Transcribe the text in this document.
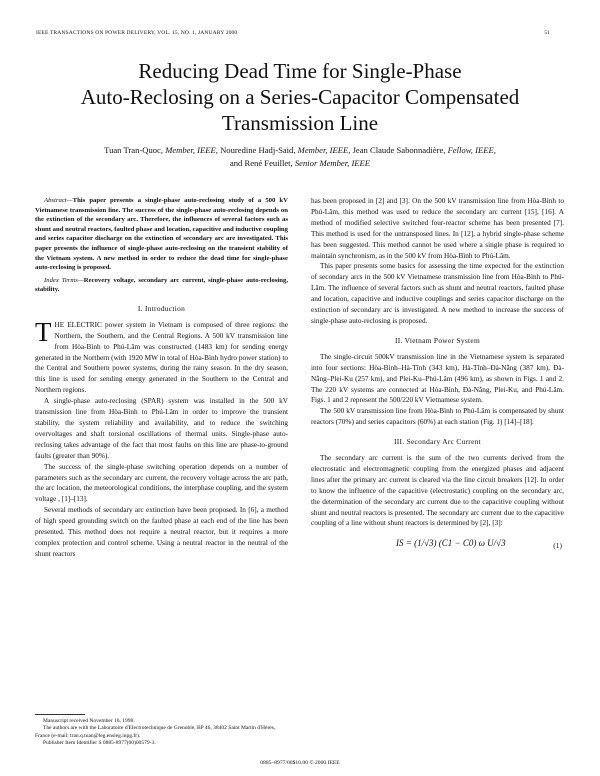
IEEE TRANSACTIONS ON POWER DELIVERY, VOL. 15, NO. 1, JANUARY 2000	51
Reducing Dead Time for Single-Phase
Auto-Reclosing on a Series-Capacitor Compensated
Transmission Line
Tuan Tran-Quoc, Member, IEEE, Nouredine Hadj-Said, Member, IEEE, Jean Claude Sabonnadière, Fellow, IEEE,
and René Feuillet, Senior Member, IEEE

Abstract—This paper presents a single-phase auto-reclosing study of a 500 kV Vietnamese transmission line. The success of the single-phase auto-reclosing depends on the extinction of the secondary arc. Therefore, the influences of several factors such as shunt and neutral reactors, faulted phase and location, capacitive and inductive coupling and series capacitor discharge on the extinction of secondary arc are investigated. This paper presents the influence of single-phase auto-reclosing on the transient stability of the Vietnam system. A new method in order to reduce the dead time for single-phase auto-reclosing is proposed.

Index Terms—Recovery voltage, secondary arc current, single-phase auto-reclosing, stability.

I. Introduction

THE ELECTRIC power system in Vietnam is composed of three regions: the Northern, the Southern, and the Central Regions. A 500 kV transmission line from Hòa-Bình to Phú-Lâm was constructed (1483 km) for sending energy generated in the Northern (with 1920 MW in total of Hòa-Bình hydro power station) to the Central and Southern power systems, during the rainy season. In the dry season, this line is used for sending energy generated in the Southern to the Central and Northern regions.

A single-phase auto-reclosing (SPAR) system was installed in the 500 kV transmission line from Hòa-Bình to Phú-Lâm in order to improve the transient stability, the system reliability and availability, and to reduce the switching overvoltages and shaft torsional oscillations of thermal units. Single-phase auto-reclosing takes advantage of the fact that most faults on this line are phase-to-ground faults (greater than 90%).

The success of the single-phase switching operation depends on a number of parameters such as the secondary arc current, the recovery voltage across the arc path, the arc location, the meteorological conditions, the interphase coupling, and the system voltage , [1]–[13].

Several methods of secondary arc extinction have been proposed. In [6], a method of high speed grounding switch on the faulted phase at each end of the line has been presented. This method does not require a neutral reactor, but it requires a more complex protection and control scheme. Using a neutral reactor in the neutral of the shunt reactors

has been proposed in [2] and [3]. On the 500 kV transmission line from Hòa-Bình to Phú-Lâm, this method was used to reduce the secondary arc current [15], [16]. A method of modified selective switched four-reactor scheme has been presented [7]. This method is used for the untransposed lines. In [12], a hybrid single-phase scheme has been suggested. This method cannot be used where a single phase is required to maintain synchronism, as in the 500 kV from Hòa-Bình to Phú-Lâm.

This paper presents some basics for assessing the time expected for the extinction of secondary arcs in the 500 kV Vietnamese transmission line from Hòa-Bình to Phú-Lâm. The influence of several factors such as shunt and neutral reactors, faulted phase and location, capacitive and inductive couplings and series capacitor discharge on the extinction of secondary arc is investigated. A new method to increase the success of single-phase auto-reclosing is proposed.

II. Vietnam Power System

The single-circuit 500kV transmission line in the Vietnamese system is separated into four sections: Hòa-Bình–Hà-Tĩnh (343 km), Hà-Tĩnh–Đà-Nẵng (387 km), Đà-Nẵng–Plei-Ku (257 km), and Plei-Ku–Phú-Lâm (496 km), as shown in Figs. 1 and 2. The 220 kV systems are connected at Hòa-Bình, Đà-Nẵng, Plei-Ku, and Phú-Lâm. Figs. 1 and 2 represent the 500/220 kV Vietnamese system.

The 500 kV transmission line from Hòa-Bình to Phú-Lâm is compensated by shunt reactors (70%) and series capacitors (60%) at each station (Fig. 1) [14]–[18].

III. Secondary Arc Current

The secondary arc current is the sum of the two currents derived from the electrostatic and electromagnetic coupling from the energized phases and adjacent lines after the primary arc current is cleared via the line circuit breakers [12]. In order to know the influence of the capacitive (electrostatic) coupling on the secondary arc, the determination of the secondary arc current due to the capacitive coupling without shunt and neutral reactors is presented. The secondary arc current due to the capacitive coupling of a line without shunt reactors is determined by [2], [3]:

IS = (1/√3) (C1 − C0) ω U/√3	(1)
Manuscript received November 16, 1998.
The authors are with the Laboratoire d'Electrotechnique de Grenoble, BP 46, 38402 Saint Martin d'Hères, France (e-mail: tran.q.tuan@leg.ensieg.inpg.fr).
Publisher Item Identifier S 0885-8977(00)00579-3.
0885–8977/00$10.00 © 2000 IEEE
